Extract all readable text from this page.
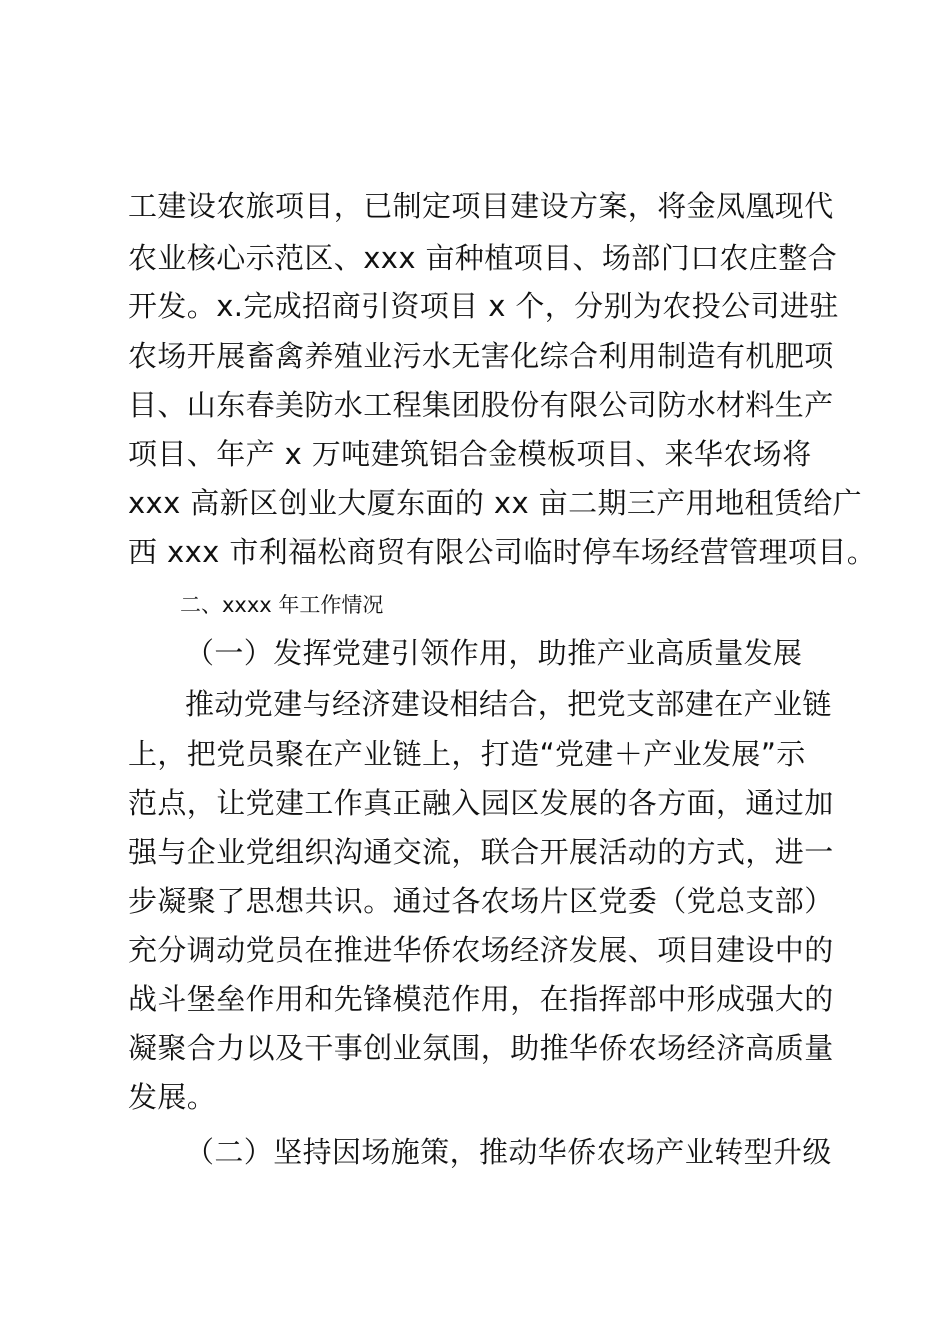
工建设农旅项目，已制定项目建设方案，将金凤凰现代
农业核心示范区、xxx 亩种植项目、场部门口农庄整合
开发。x.完成招商引资项目 x 个，分别为农投公司进驻
农场开展畜禽养殖业污水无害化综合利用制造有机肥项
目、山东春美防水工程集团股份有限公司防水材料生产
项目、年产 x 万吨建筑铝合金模板项目、来华农场将
xxx 高新区创业大厦东面的 xx 亩二期三产用地租赁给广
西 xxx 市利福松商贸有限公司临时停车场经营管理项目。
二、xxxx 年工作情况
（一）发挥党建引领作用，助推产业高质量发展
推动党建与经济建设相结合，把党支部建在产业链
上，把党员聚在产业链上，打造“党建＋产业发展”示
范点，让党建工作真正融入园区发展的各方面，通过加
强与企业党组织沟通交流，联合开展活动的方式，进一
步凝聚了思想共识。通过各农场片区党委（党总支部）
充分调动党员在推进华侨农场经济发展、项目建设中的
战斗堡垒作用和先锋模范作用，在指挥部中形成强大的
凝聚合力以及干事创业氛围，助推华侨农场经济高质量
发展。
（二）坚持因场施策，推动华侨农场产业转型升级
